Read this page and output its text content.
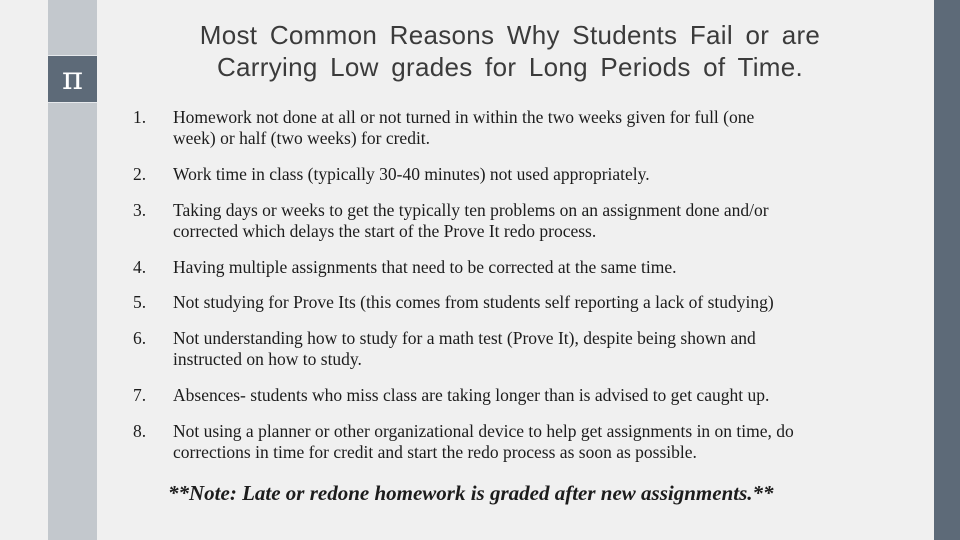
π
Most Common Reasons Why Students Fail or are
Carrying Low grades for Long Periods of Time.
1.	Homework not done at all or not turned in within the two weeks given for full (one
week) or half (two weeks) for credit.
2.	Work time in class (typically 30-40 minutes) not used appropriately.
3.	Taking days or weeks to get the typically ten problems on an assignment done and/or
corrected which delays the start of the Prove It redo process.
4.	Having multiple assignments that need to be corrected at the same time.
5.	Not studying for Prove Its (this comes from students self reporting a lack of studying)
6.	Not understanding how to study for a math test (Prove It), despite being shown and
instructed on how to study.
7.	Absences- students who miss class are taking longer than is advised to get caught up.
8.	Not using a planner or other organizational device to help get assignments in on time, do
corrections in time for credit and start the redo process as soon as possible.
**Note: Late or redone homework is graded after new assignments.**
